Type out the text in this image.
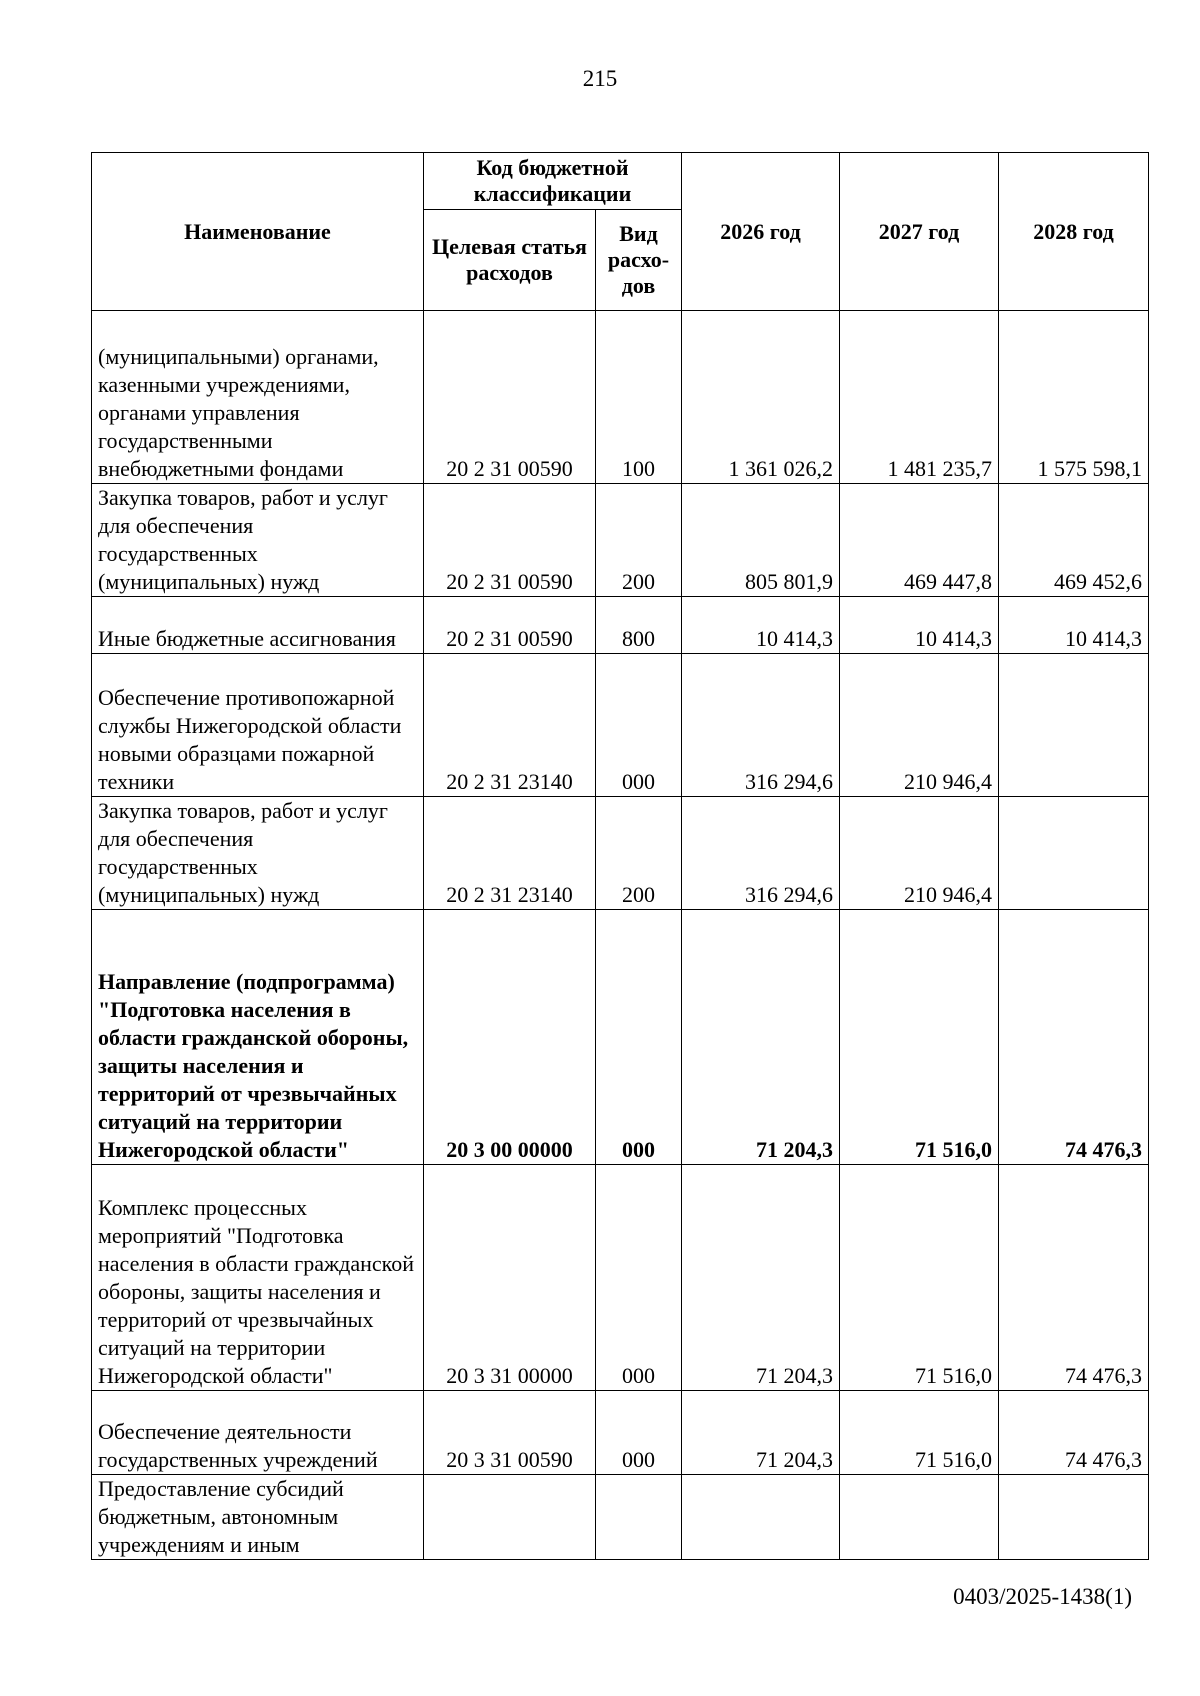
215
Наименование	Код бюджетной классификации		2026 год	2027 год	2028 год
	Целевая статья расходов	Вид расхо- дов			
(муниципальными) органами, казенными учреждениями, органами управления государственными внебюджетными фондами	20 2 31 00590	100	1 361 026,2	1 481 235,7	1 575 598,1
Закупка товаров, работ и услуг для обеспечения государственных (муниципальных) нужд	20 2 31 00590	200	805 801,9	469 447,8	469 452,6
Иные бюджетные ассигнования	20 2 31 00590	800	10 414,3	10 414,3	10 414,3
Обеспечение противопожарной службы Нижегородской области новыми образцами пожарной техники	20 2 31 23140	000	316 294,6	210 946,4	
Закупка товаров, работ и услуг для обеспечения государственных (муниципальных) нужд	20 2 31 23140	200	316 294,6	210 946,4	
Направление (подпрограмма) "Подготовка населения в области гражданской обороны, защиты населения и территорий от чрезвычайных ситуаций на территории Нижегородской области"	20 3 00 00000	000	71 204,3	71 516,0	74 476,3
Комплекс процессных мероприятий "Подготовка населения в области гражданской обороны, защиты населения и территорий от чрезвычайных ситуаций на территории Нижегородской области"	20 3 31 00000	000	71 204,3	71 516,0	74 476,3
Обеспечение деятельности государственных учреждений	20 3 31 00590	000	71 204,3	71 516,0	74 476,3
Предоставление субсидий бюджетным, автономным учреждениям и иным					
0403/2025-1438(1)
